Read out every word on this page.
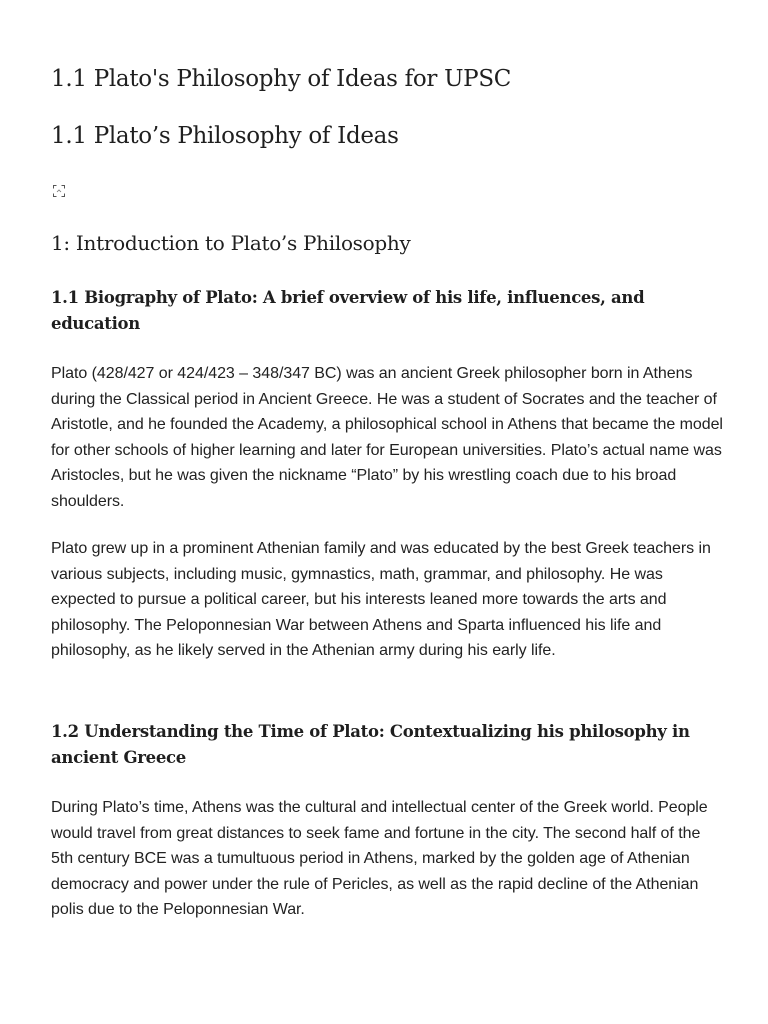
1.1 Plato's Philosophy of Ideas for UPSC
1.1 Plato’s Philosophy of Ideas
1: Introduction to Plato’s Philosophy
1.1 Biography of Plato: A brief overview of his life, influences, and education

Plato (428/427 or 424/423 – 348/347 BC) was an ancient Greek philosopher born in Athens during the Classical period in Ancient Greece. He was a student of Socrates and the teacher of Aristotle, and he founded the Academy, a philosophical school in Athens that became the model for other schools of higher learning and later for European universities. Plato’s actual name was Aristocles, but he was given the nickname “Plato” by his wrestling coach due to his broad shoulders.

Plato grew up in a prominent Athenian family and was educated by the best Greek teachers in various subjects, including music, gymnastics, math, grammar, and philosophy. He was expected to pursue a political career, but his interests leaned more towards the arts and philosophy. The Peloponnesian War between Athens and Sparta influenced his life and philosophy, as he likely served in the Athenian army during his early life.

1.2 Understanding the Time of Plato: Contextualizing his philosophy in ancient Greece

During Plato’s time, Athens was the cultural and intellectual center of the Greek world. People would travel from great distances to seek fame and fortune in the city. The second half of the 5th century BCE was a tumultuous period in Athens, marked by the golden age of Athenian democracy and power under the rule of Pericles, as well as the rapid decline of the Athenian polis due to the Peloponnesian War.
